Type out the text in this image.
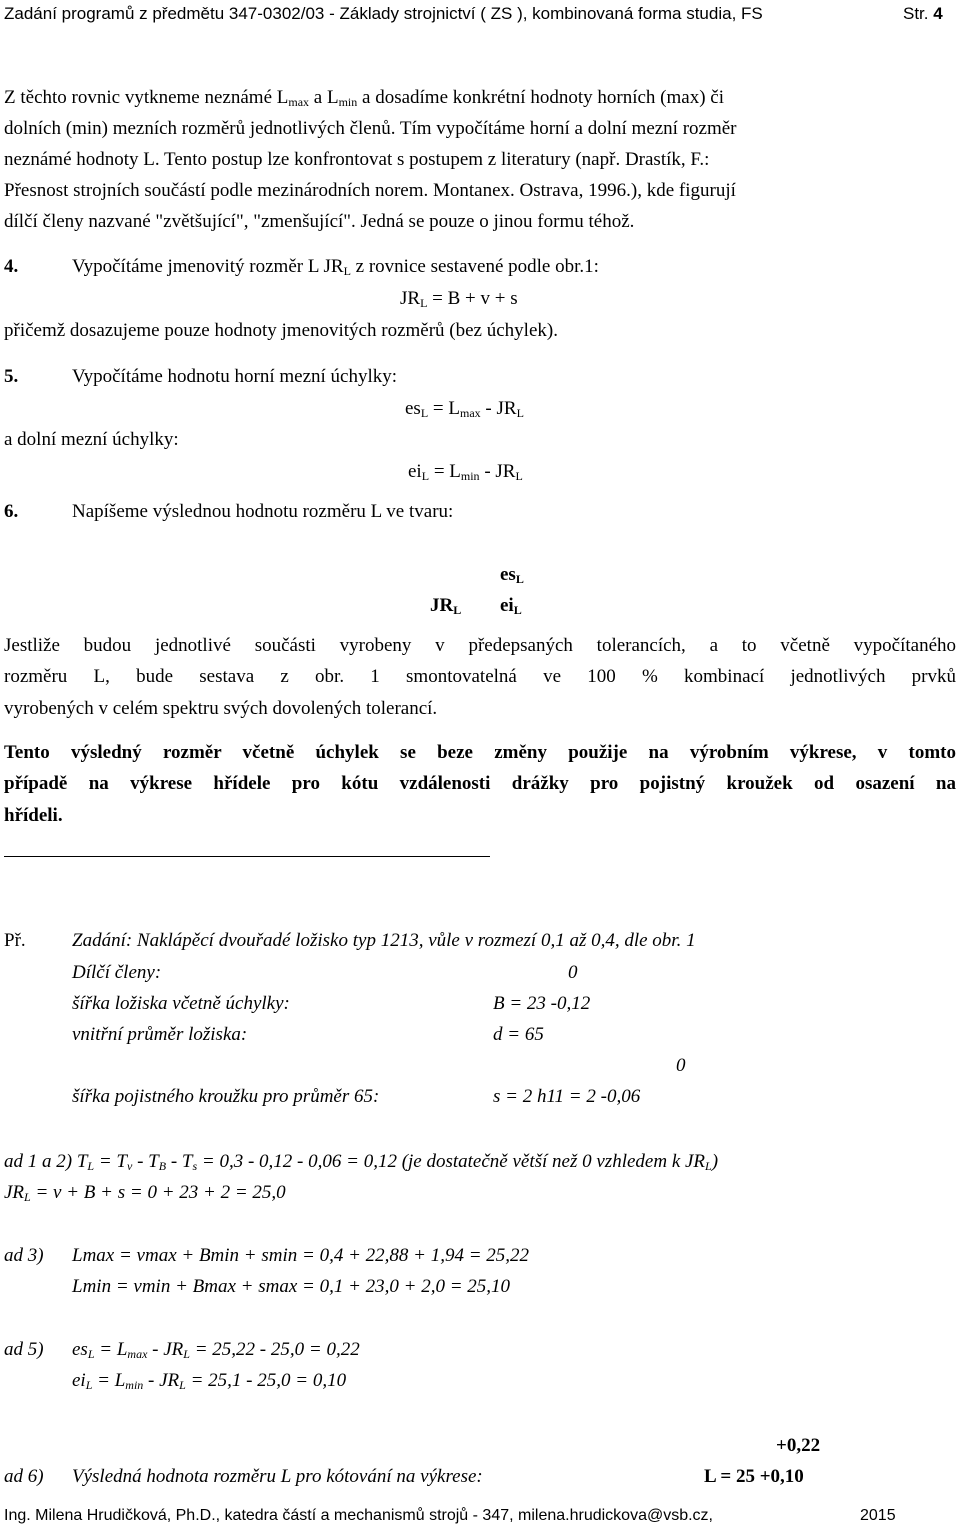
Zadání programů z předmětu 347-0302/03 - Základy strojnictví ( ZS ), kombinovaná forma studia, FS	Str. 4
Z těchto rovnic vytkneme neznámé $L_{max}$ a $L_{min}$ a dosadíme konkrétní hodnoty horních (max) či
dolních (min) mezních rozměrů jednotlivých členů. Tím vypočítáme horní a dolní mezní rozměr
neznámé hodnoty L. Tento postup lze konfrontovat s postupem z literatury (např. Drastík, F.:
Přesnost strojních součástí podle mezinárodních norem. Montanex. Ostrava, 1996.), kde figurují
dílčí členy nazvané "zvětšující", "zmenšující". Jedná se pouze o jinou formu téhož.
4.	Vypočítáme jmenovitý rozměr L $JR_L$ z rovnice sestavené podle obr.1:
$JR_L = B + v + s$
přičemž dosazujeme pouze hodnoty jmenovitých rozměrů (bez úchylek).
5.	Vypočítáme hodnotu horní mezní úchylky:
$es_L = L_{max} - JR_L$
a dolní mezní úchylky:
$ei_L = L_{min} - JR_L$
6.	Napíšeme výslednou hodnotu rozměru L ve tvaru:
$es_L$
$JR_L$ $ei_L$
Jestliže budou jednotlivé součásti vyrobeny v předepsaných tolerancích, a to včetně vypočítaného
rozměru L, bude sestava z obr. 1 smontovatelná ve 100 % kombinací jednotlivých prvků
vyrobených v celém spektru svých dovolených tolerancí.
Tento výsledný rozměr včetně úchylek se beze změny použije na výrobním výkrese, v tomto
případě na výkrese hřídele pro kótu vzdálenosti drážky pro pojistný kroužek od osazení na
hřídeli.
Př. Zadání: Naklápěcí dvouřadé ložisko typ 1213, vůle v rozmezí 0,1 až 0,4, dle obr. 1
Dílčí členy:	0
šířka ložiska včetně úchylky:	B = 23 -0,12
vnitřní průměr ložiska:	d = 65
0
šířka pojistného kroužku pro průměr 65:	s = 2 h11 = 2 -0,06
ad 1 a 2) $T_L = T_v - T_B - T_s = 0,3 - 0,12 - 0,06 = 0,12$ (je dostatečně větší než 0 vzhledem k $JR_L$)
$JR_L = v + B + s = 0 + 23 + 2 = 25,0$
ad 3) Lmax = vmax + Bmin + smin = 0,4 + 22,88 + 1,94 = 25,22
Lmin = vmin + Bmax + smax = 0,1 + 23,0 + 2,0 = 25,10
ad 5) $es_L = L_{max} - JR_L = 25,22 - 25,0 = 0,22$
$ei_L = L_{min} - JR_L = 25,1 - 25,0 = 0,10$
+0,22
ad 6) Výsledná hodnota rozměru L pro kótování na výkrese:	L = 25 +0,10
Ing. Milena Hrudičková, Ph.D., katedra částí a mechanismů strojů - 347, milena.hrudickova@vsb.cz,	2015
